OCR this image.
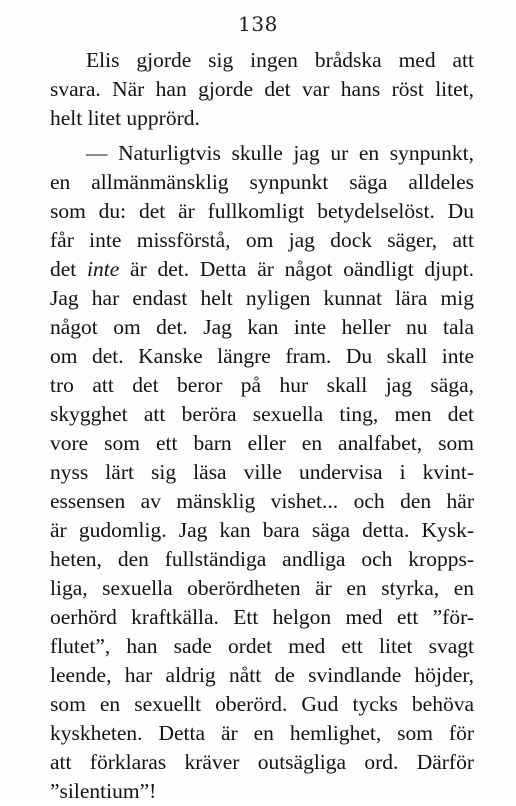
138
Elis gjorde sig ingen brådska med att
svara. När han gjorde det var hans röst litet,
helt litet upprörd.
— Naturligtvis skulle jag ur en synpunkt,
en allmänmänsklig synpunkt säga alldeles
som du: det är fullkomligt betydelselöst. Du
får inte missförstå, om jag dock säger, att
det inte är det. Detta är något oändligt djupt.
Jag har endast helt nyligen kunnat lära mig
något om det. Jag kan inte heller nu tala
om det. Kanske längre fram. Du skall inte
tro att det beror på hur skall jag säga,
skygghet att beröra sexuella ting, men det
vore som ett barn eller en analfabet, som
nyss lärt sig läsa ville undervisa i kvint-
essensen av mänsklig vishet... och den här
är gudomlig. Jag kan bara säga detta. Kysk-
heten, den fullständiga andliga och kropps-
liga, sexuella oberördheten är en styrka, en
oerhörd kraftkälla. Ett helgon med ett ”för-
flutet”, han sade ordet med ett litet svagt
leende, har aldrig nått de svindlande höjder,
som en sexuellt oberörd. Gud tycks behöva
kyskheten. Detta är en hemlighet, som för
att förklaras kräver outsägliga ord. Därför
”silentium”!
